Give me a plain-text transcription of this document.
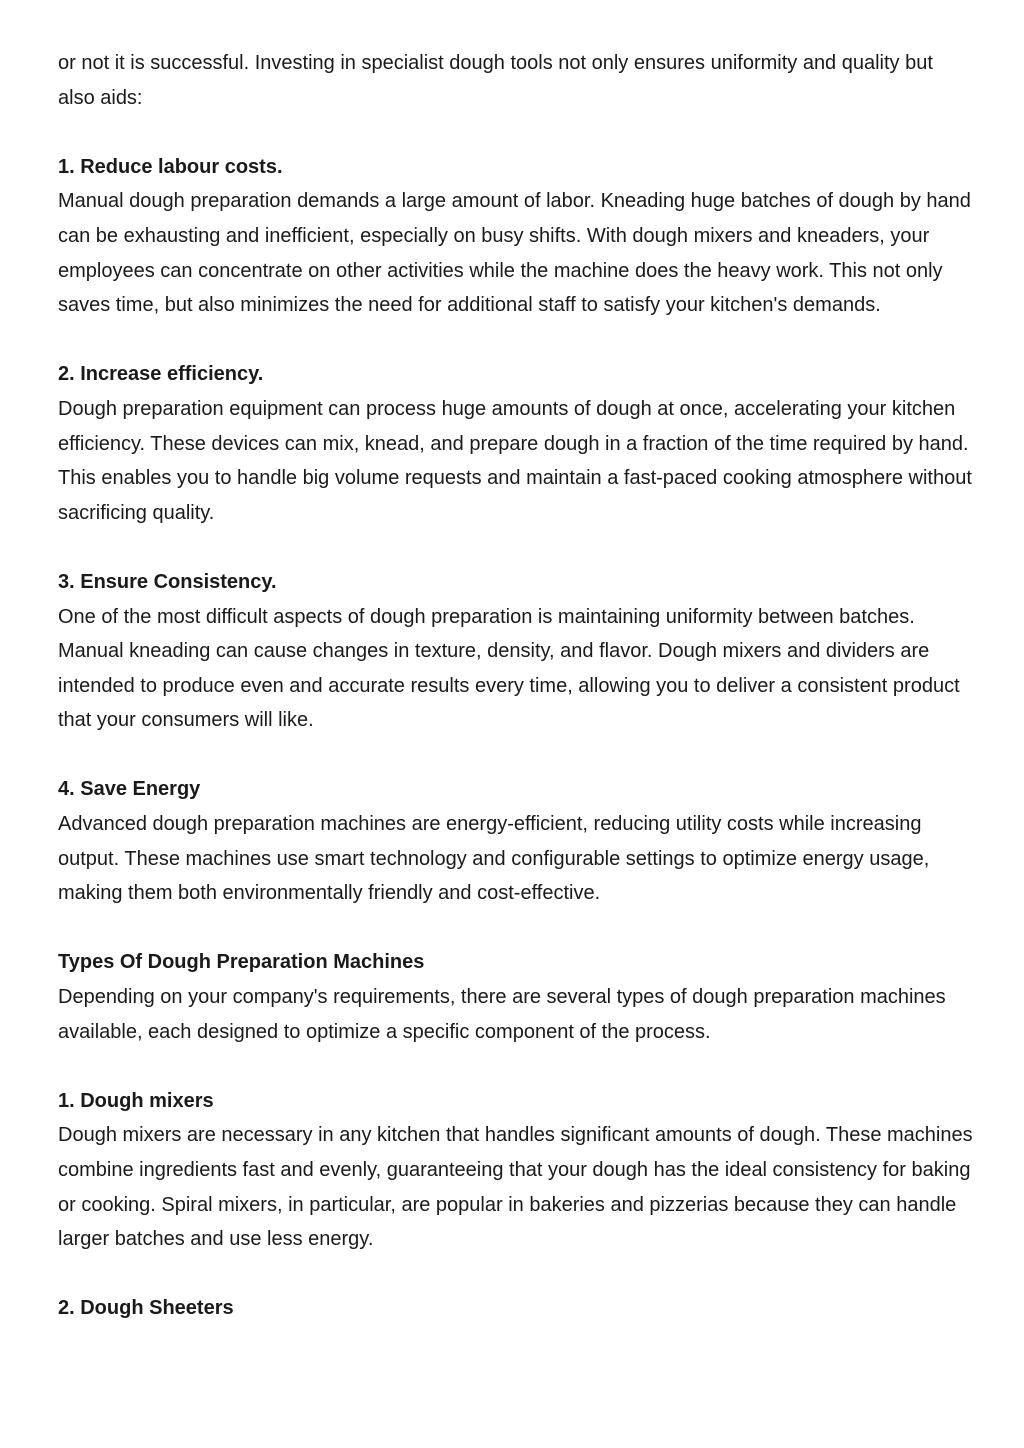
or not it is successful. Investing in specialist dough tools not only ensures uniformity and quality but also aids:

1. Reduce labour costs.

Manual dough preparation demands a large amount of labor. Kneading huge batches of dough by hand can be exhausting and inefficient, especially on busy shifts. With dough mixers and kneaders, your employees can concentrate on other activities while the machine does the heavy work. This not only saves time, but also minimizes the need for additional staff to satisfy your kitchen's demands.

2. Increase efficiency.

Dough preparation equipment can process huge amounts of dough at once, accelerating your kitchen efficiency. These devices can mix, knead, and prepare dough in a fraction of the time required by hand. This enables you to handle big volume requests and maintain a fast-paced cooking atmosphere without sacrificing quality.

3. Ensure Consistency.

One of the most difficult aspects of dough preparation is maintaining uniformity between batches. Manual kneading can cause changes in texture, density, and flavor. Dough mixers and dividers are intended to produce even and accurate results every time, allowing you to deliver a consistent product that your consumers will like.

4. Save Energy

Advanced dough preparation machines are energy-efficient, reducing utility costs while increasing output. These machines use smart technology and configurable settings to optimize energy usage, making them both environmentally friendly and cost-effective.

Types Of Dough Preparation Machines

Depending on your company's requirements, there are several types of dough preparation machines available, each designed to optimize a specific component of the process.

1. Dough mixers

Dough mixers are necessary in any kitchen that handles significant amounts of dough. These machines combine ingredients fast and evenly, guaranteeing that your dough has the ideal consistency for baking or cooking. Spiral mixers, in particular, are popular in bakeries and pizzerias because they can handle larger batches and use less energy.

2. Dough Sheeters
